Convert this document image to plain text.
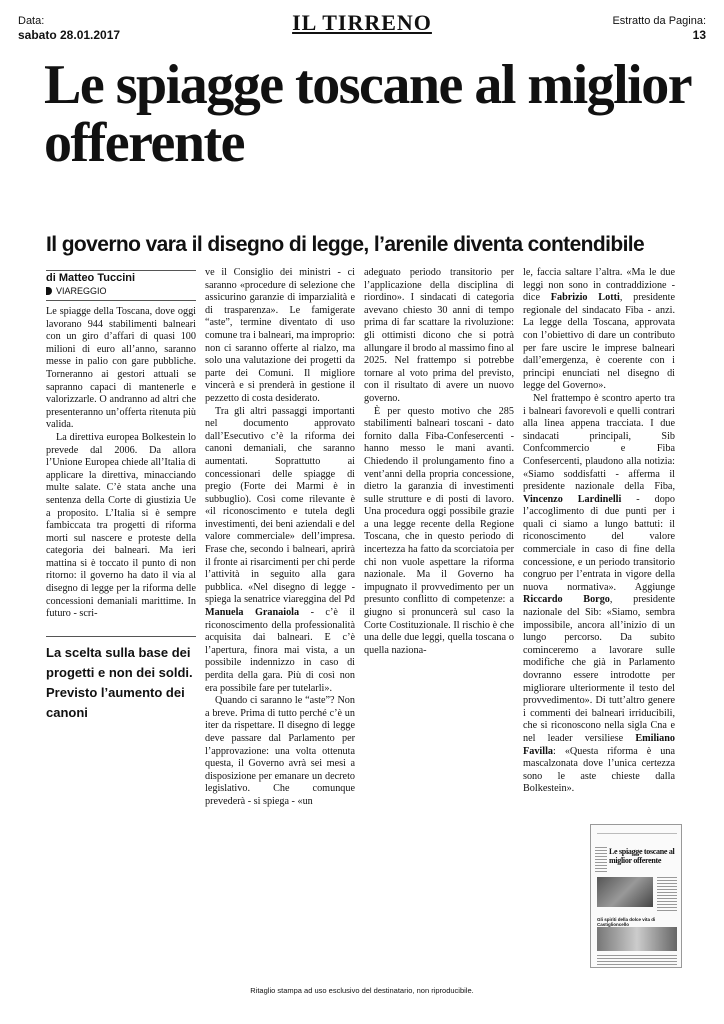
Data:
sabato 28.01.2017	IL TIRRENO	Estratto da Pagina:
13
Le spiagge toscane al miglior offerente
Il governo vara il disegno di legge, l’arenile diventa contendibile
di Matteo Tuccini
VIAREGGIO

Le spiagge della Toscana, dove oggi lavorano 944 stabilimenti balneari con un giro d’affari di quasi 100 milioni di euro all’anno, saranno messe in palio con gare pubbliche. Torneranno ai gestori attuali se sapranno capaci di mantenerle e valorizzarle. O andranno ad altri che presenteranno un’offerta ritenuta più valida.

La direttiva europea Bolkestein lo prevede dal 2006. Da allora l’Unione Europea chiede all’Italia di applicare la direttiva, minacciando multe salate. C’è stata anche una sentenza della Corte di giustizia Ue a proposito. L’Italia si è sempre fambiccata tra progetti di riforma morti sul nascere e proteste della categoria dei balneari. Ma ieri mattina si è toccato il punto di non ritorno: il governo ha dato il via al disegno di legge per la riforma delle concessioni demaniali marittime. In futuro - scri-

La scelta sulla base dei progetti e non dei soldi. Previsto l’aumento dei canoni

ve il Consiglio dei ministri - ci saranno «procedure di selezione che assicurino garanzie di imparzialità e di trasparenza». Le famigerate “aste”, termine diventato di uso comune tra i balneari, ma improprio: non ci saranno offerte al rialzo, ma solo una valutazione dei progetti da parte dei Comuni. Il migliore vincerà e si prenderà in gestione il pezzetto di costa desiderato.

Tra gli altri passaggi importanti nel documento approvato dall’Esecutivo c’è la riforma dei canoni demaniali, che saranno aumentati. Soprattutto ai concessionari delle spiagge di pregio (Forte dei Marmi è in subbuglio). Così come rilevante è «il riconoscimento e tutela degli investimenti, dei beni aziendali e del valore commerciale» dell’impresa. Frase che, secondo i balneari, aprirà il fronte ai risarcimenti per chi perde l’attività in seguito alla gara pubblica. «Nel disegno di legge - spiega la senatrice viareggina del Pd Manuela Granaiola - c’è il riconoscimento della professionalità acquisita dai balneari. E c’è l’apertura, finora mai vista, a un possibile indennizzo in caso di perdita della gara. Più di così non era possibile fare per tutelarli».

Quando ci saranno le “aste”? Non a breve. Prima di tutto perché c’è un iter da rispettare. Il disegno di legge deve passare dal Parlamento per l’approvazione: una volta ottenuta questa, il Governo avrà sei mesi a disposizione per emanare un decreto legislativo. Che comunque prevederà - si spiega - «un

adeguato periodo transitorio per l’applicazione della disciplina di riordino». I sindacati di categoria avevano chiesto 30 anni di tempo prima di far scattare la rivoluzione: gli ottimisti dicono che si potrà allungare il brodo al massimo fino al 2025. Nel frattempo si potrebbe tornare al voto prima del previsto, con il risultato di avere un nuovo governo.

È per questo motivo che 285 stabilimenti balneari toscani - dato fornito dalla Fiba-Confesercenti - hanno messo le mani avanti. Chiedendo il prolungamento fino a vent’anni della propria concessione, dietro la garanzia di investimenti sulle strutture e di posti di lavoro. Una procedura oggi possibile grazie a una legge recente della Regione Toscana, che in questo periodo di incertezza ha fatto da scorciatoia per chi non vuole aspettare la riforma nazionale. Ma il Governo ha impugnato il provvedimento per un presunto conflitto di competenze: a giugno si pronuncerà sul caso la Corte Costituzionale. Il rischio è che una delle due leggi, quella toscana o quella naziona-

le, faccia saltare l’altra. «Ma le due leggi non sono in contraddizione - dice Fabrizio Lotti, presidente regionale del sindacato Fiba - anzi. La legge della Toscana, approvata con l’obiettivo di dare un contributo per fare uscire le imprese balneari dall’emergenza, è coerente con i principi enunciati nel disegno di legge del Governo».

Nel frattempo è scontro aperto tra i balneari favorevoli e quelli contrari alla linea appena tracciata. I due sindacati principali, Sib Confcommercio e Fiba Confesercenti, plaudono alla notizia: «Siamo soddisfatti - afferma il presidente nazionale della Fiba, Vincenzo Lardinelli - dopo l’accoglimento di due punti per i quali ci siamo a lungo battuti: il riconoscimento del valore commerciale in caso di fine della concessione, e un periodo transitorio congruo per l’entrata in vigore della nuova normativa». Aggiunge Riccardo Borgo, presidente nazionale del Sib: «Siamo, sembra impossibile, ancora all’inizio di un lungo percorso. Da subito cominceremo a lavorare sulle modifiche che già in Parlamento dovranno essere introdotte per migliorare ulteriormente il testo del provvedimento». Di tutt’altro genere i commenti dei balneari irriducibili, che si riconoscono nella sigla Cna e nel leader versiliese Emiliano Favilla: «Questa riforma è una mascalzonata dove l’unica certezza sono le aste chieste dalla Bolkestein».

Le spiagge toscane al miglior offerente
Gli spiriti della dolce vita di Castiglioncello
Ritaglio stampa ad uso esclusivo del destinatario, non riproducibile.
